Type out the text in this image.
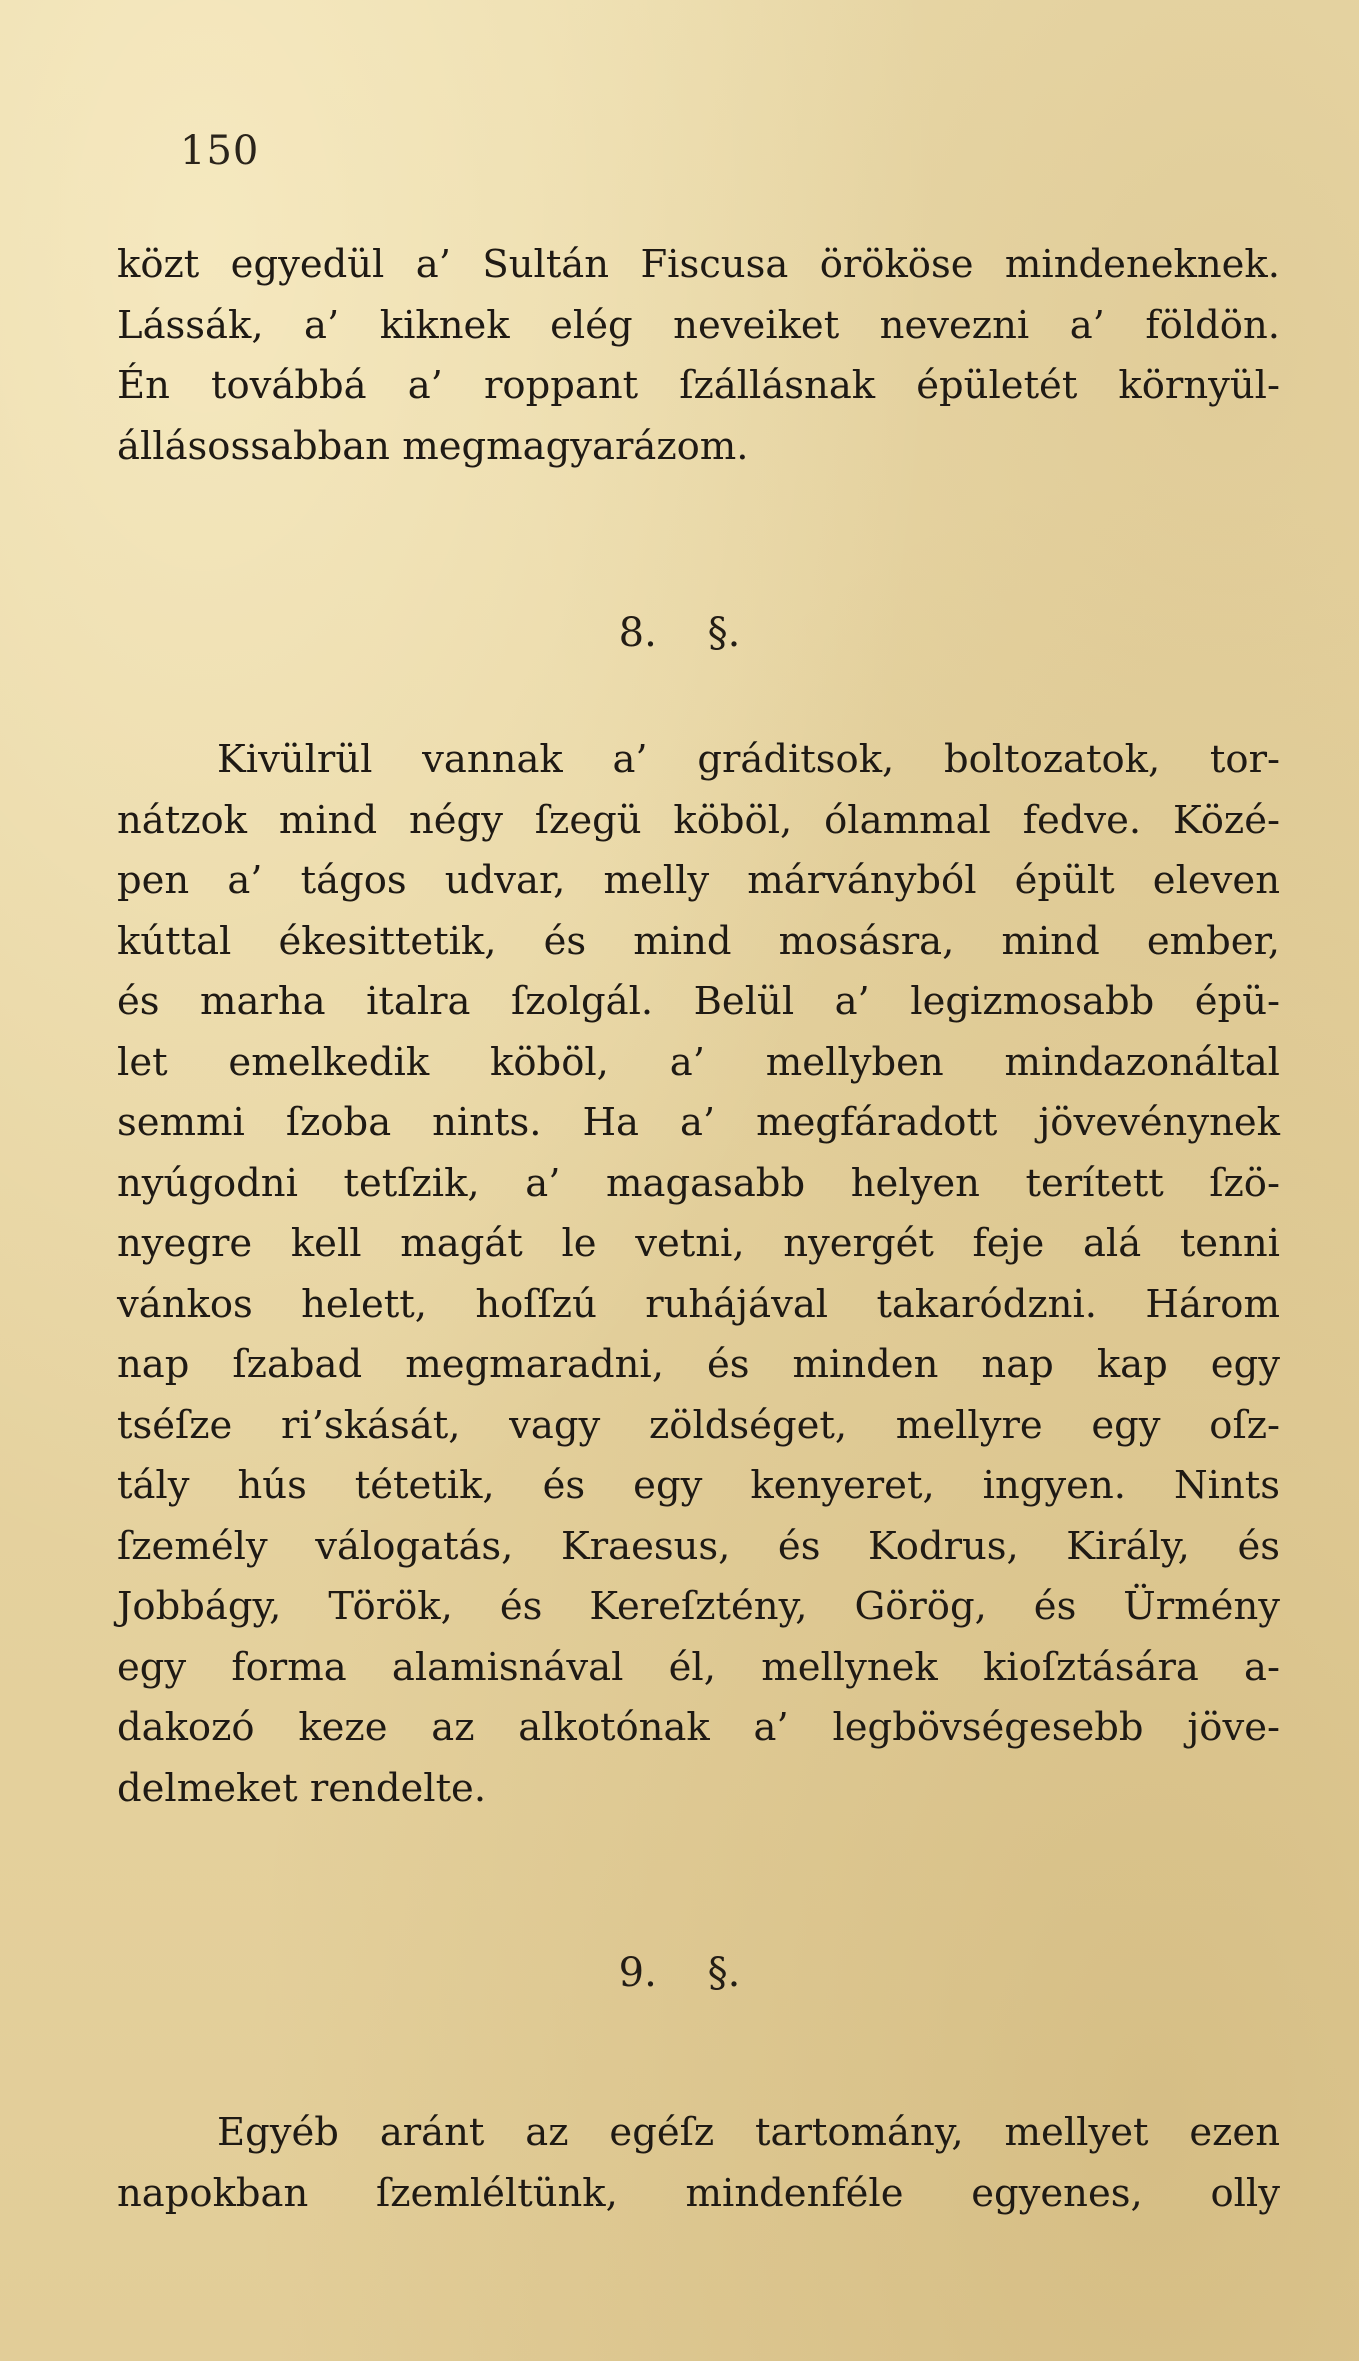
150
közt egyedül a’ Sultán Fiscusa örököse mindeneknek.
Lássák, a’ kiknek elég neveiket nevezni a’ földön.
Én továbbá a’ roppant ſzállásnak épületét környül-
állásossabban megmagyarázom.
8. §.
Kivülrül vannak a’ gráditsok, boltozatok, tor-
nátzok mind négy ſzegü köböl, ólammal fedve. Közé-
pen a’ tágos udvar, melly márványból épült eleven
kúttal ékesittetik, és mind mosásra, mind ember,
és marha italra ſzolgál. Belül a’ legizmosabb épü-
let emelkedik köböl, a’ mellyben mindazonáltal
semmi ſzoba nints. Ha a’ megfáradott jövevénynek
nyúgodni tetſzik, a’ magasabb helyen terített ſzö-
nyegre kell magát le vetni, nyergét feje alá tenni
vánkos helett, hoſſzú ruhájával takaródzni. Három
nap ſzabad megmaradni, és minden nap kap egy
tséſze ri’skását, vagy zöldséget, mellyre egy oſz-
tály hús tétetik, és egy kenyeret, ingyen. Nints
ſzemély válogatás, Kraesus, és Kodrus, Király, és
Jobbágy, Török, és Kereſztény, Görög, és Ürmény
egy forma alamisnával él, mellynek kioſztására a-
dakozó keze az alkotónak a’ legbövségesebb jöve-
delmeket rendelte.
9. §.
Egyéb aránt az egéſz tartomány, mellyet ezen
napokban ſzemléltünk, mindenféle egyenes, olly
